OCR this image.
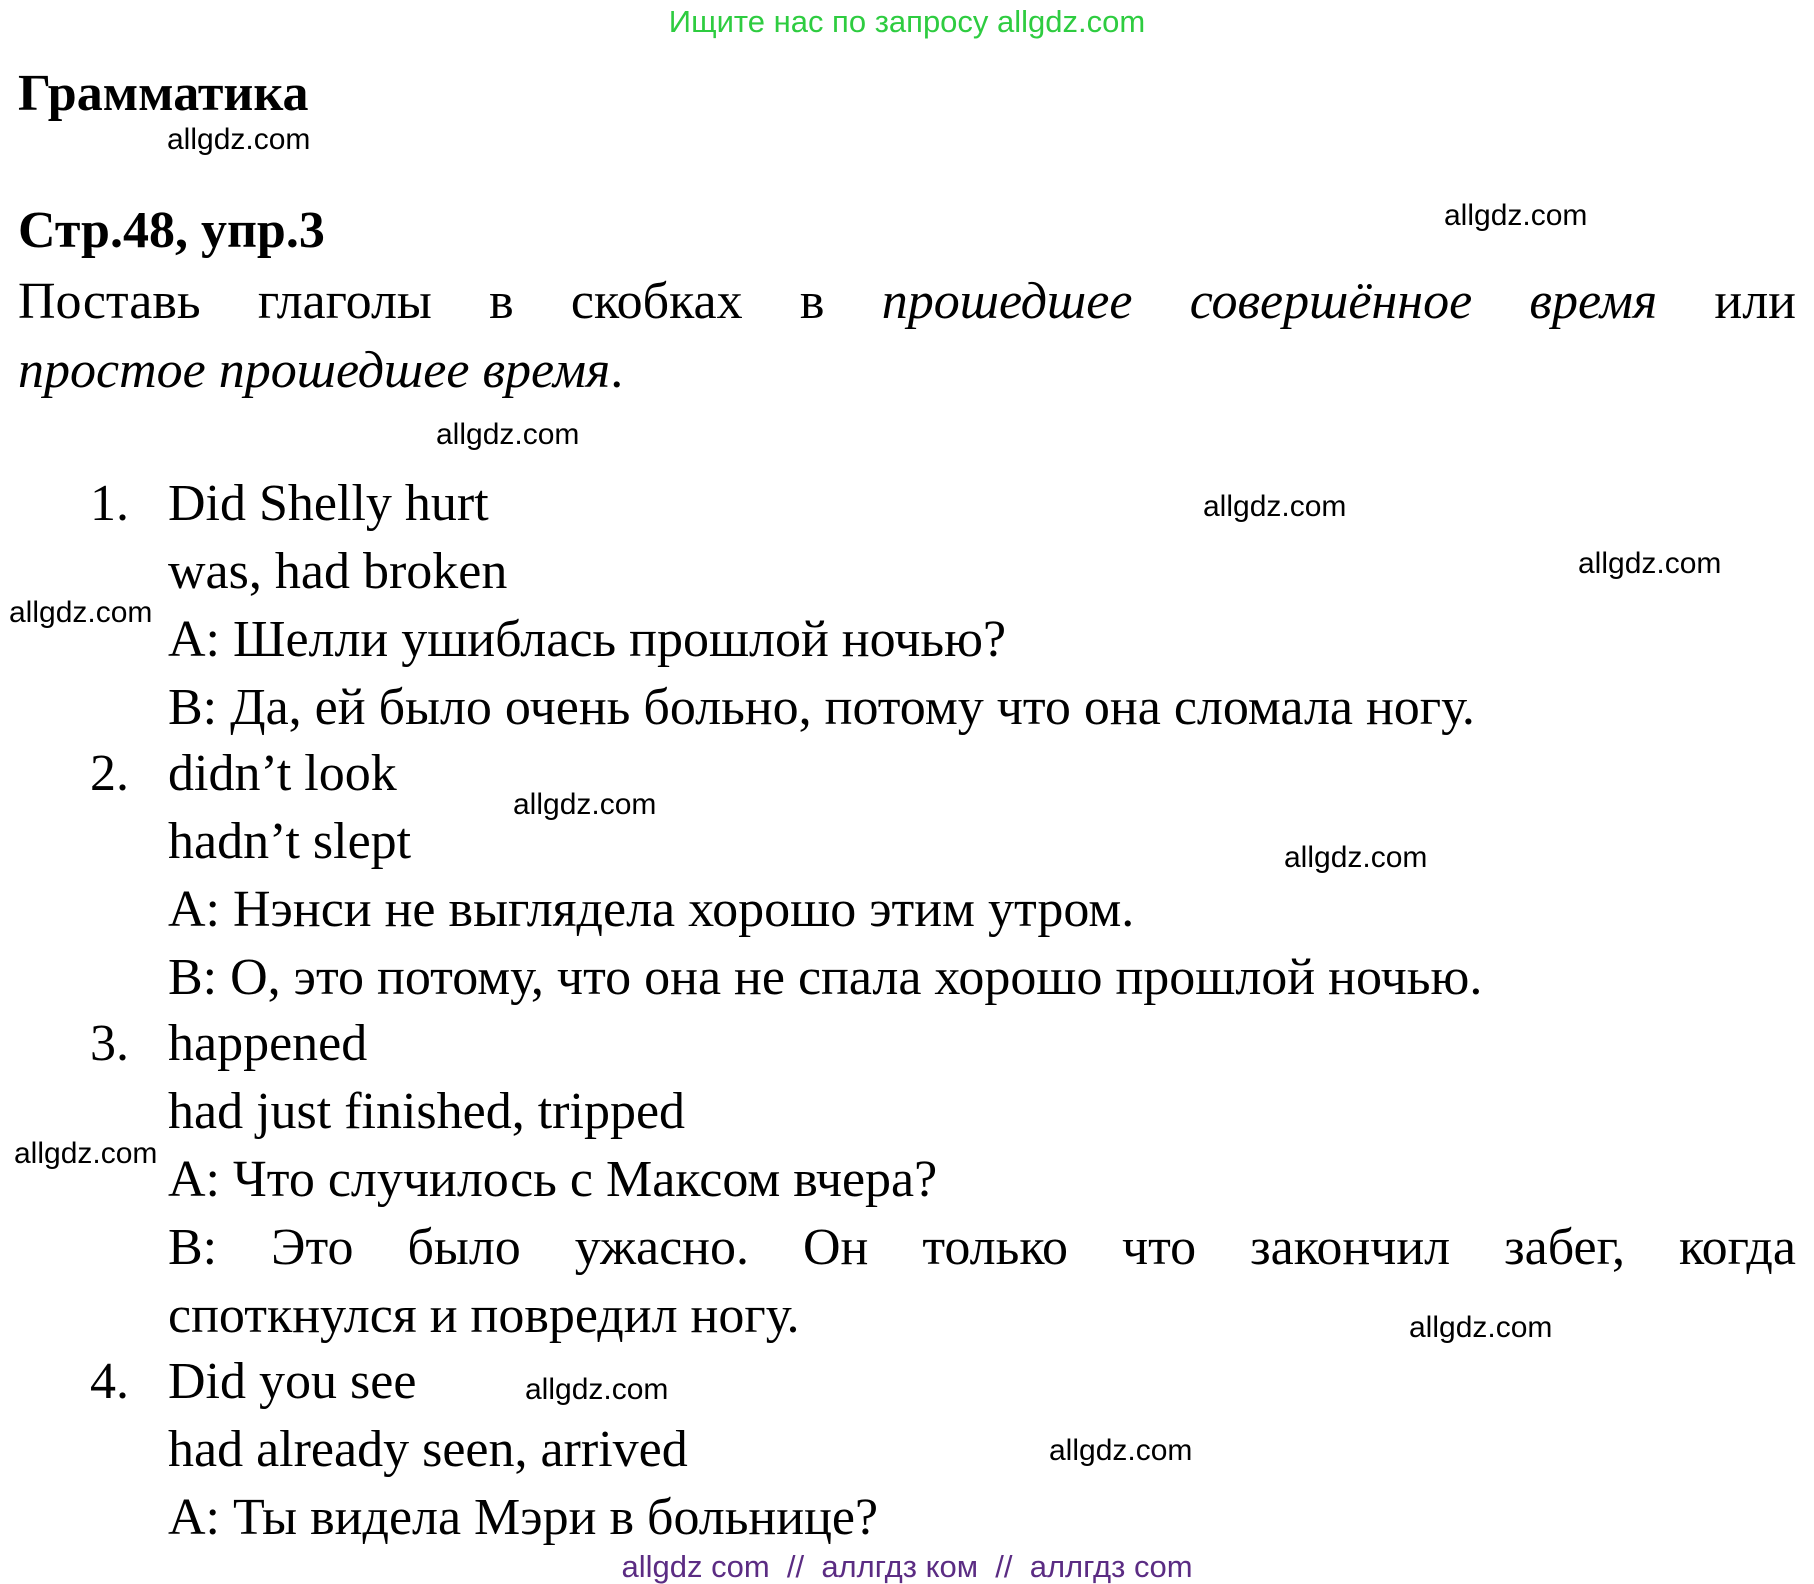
Ищите нас по запросу allgdz.com
Грамматика
Стр.48, упр.3
Поставь глаголы в скобках в прошедшее совершённое время или
простое прошедшее время.
1. Did Shelly hurt
was, had broken
A: Шелли ушиблась прошлой ночью?
B: Да, ей было очень больно, потому что она сломала ногу.
2. didn’t look
hadn’t slept
A: Нэнси не выглядела хорошо этим утром.
B: О, это потому, что она не спала хорошо прошлой ночью.
3. happened
had just finished, tripped
A: Что случилось с Максом вчера?
B: Это было ужасно. Он только что закончил забег, когда
споткнулся и повредил ногу.
4. Did you see
had already seen, arrived
A: Ты видела Мэри в больнице?
allgdz.com
allgdz.com
allgdz.com
allgdz.com
allgdz.com
allgdz.com
allgdz.com
allgdz.com
allgdz.com
allgdz.com
allgdz.com
allgdz.com
allgdz com  //  аллгдз ком  //  аллгдз com
